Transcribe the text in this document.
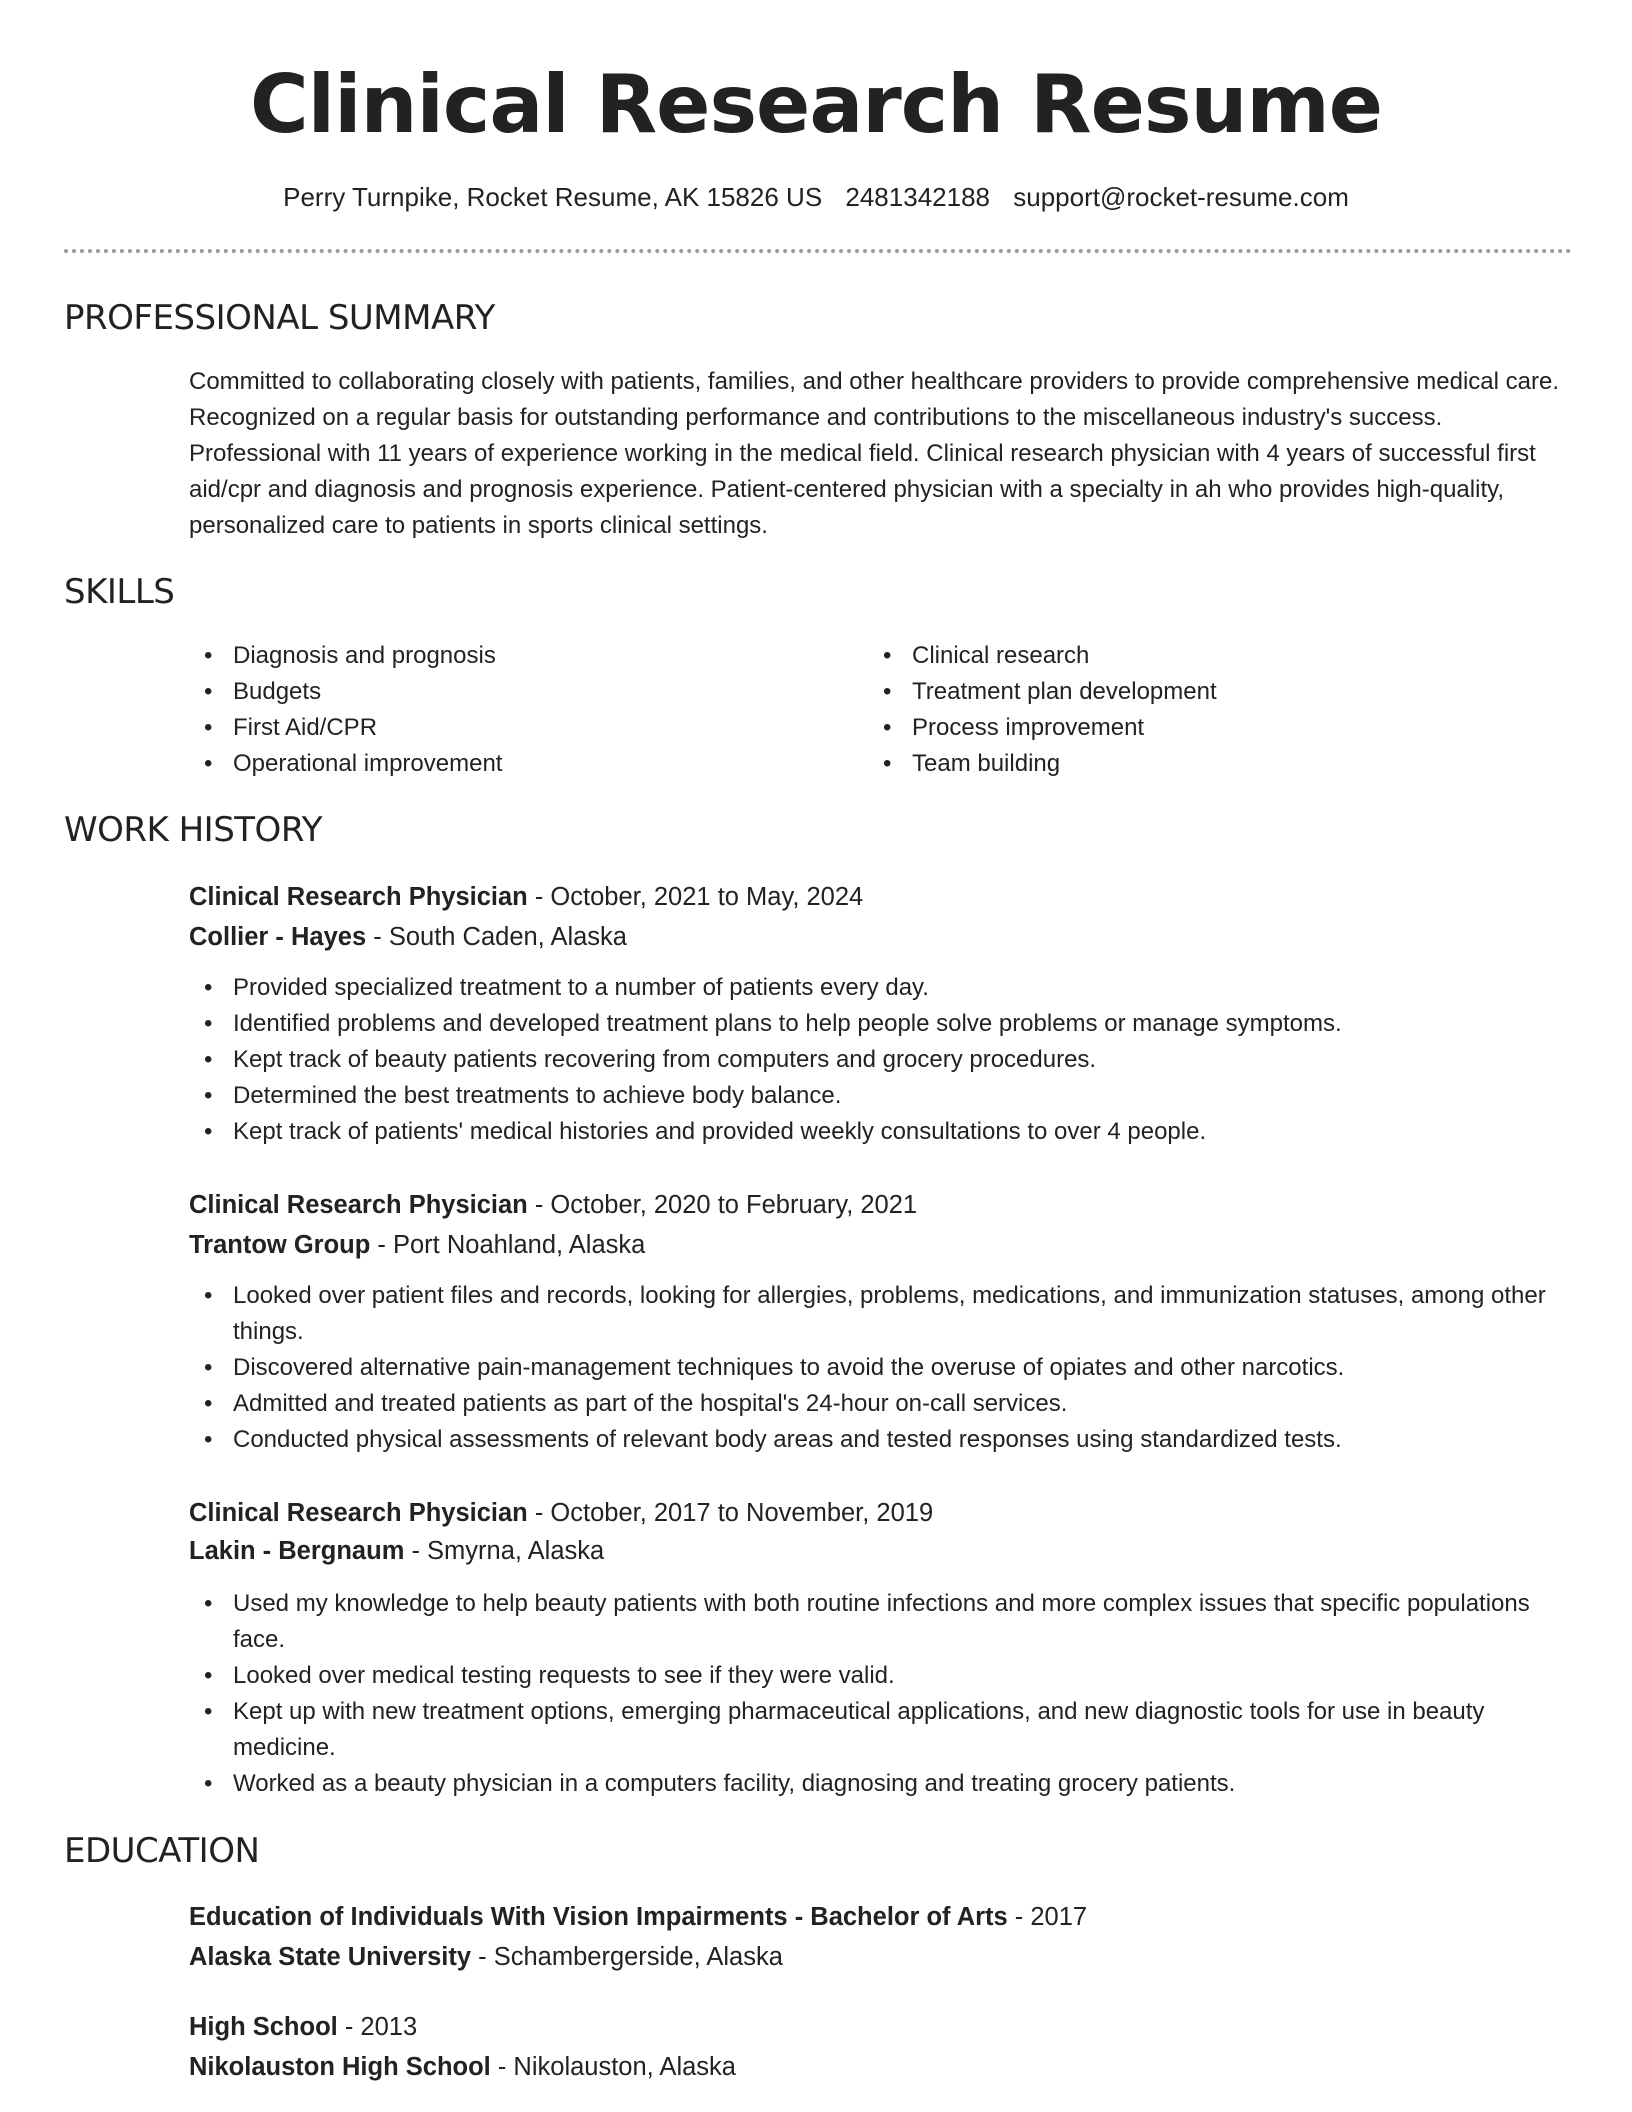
Clinical Research Resume
Perry Turnpike, Rocket Resume, AK 15826 US 2481342188 support@rocket-resume.com
PROFESSIONAL SUMMARY
Committed to collaborating closely with patients, families, and other healthcare providers to provide comprehensive medical care. Recognized on a regular basis for outstanding performance and contributions to the miscellaneous industry's success. Professional with 11 years of experience working in the medical field. Clinical research physician with 4 years of successful first aid/cpr and diagnosis and prognosis experience. Patient-centered physician with a specialty in ah who provides high-quality, personalized care to patients in sports clinical settings.
SKILLS
• Diagnosis and prognosis
• Budgets
• First Aid/CPR
• Operational improvement
• Clinical research
• Treatment plan development
• Process improvement
• Team building
WORK HISTORY
Clinical Research Physician - October, 2021 to May, 2024
Collier - Hayes - South Caden, Alaska
• Provided specialized treatment to a number of patients every day.
• Identified problems and developed treatment plans to help people solve problems or manage symptoms.
• Kept track of beauty patients recovering from computers and grocery procedures.
• Determined the best treatments to achieve body balance.
• Kept track of patients' medical histories and provided weekly consultations to over 4 people.
Clinical Research Physician - October, 2020 to February, 2021
Trantow Group - Port Noahland, Alaska
• Looked over patient files and records, looking for allergies, problems, medications, and immunization statuses, among other things.
• Discovered alternative pain-management techniques to avoid the overuse of opiates and other narcotics.
• Admitted and treated patients as part of the hospital's 24-hour on-call services.
• Conducted physical assessments of relevant body areas and tested responses using standardized tests.
Clinical Research Physician - October, 2017 to November, 2019
Lakin - Bergnaum - Smyrna, Alaska
• Used my knowledge to help beauty patients with both routine infections and more complex issues that specific populations face.
• Looked over medical testing requests to see if they were valid.
• Kept up with new treatment options, emerging pharmaceutical applications, and new diagnostic tools for use in beauty medicine.
• Worked as a beauty physician in a computers facility, diagnosing and treating grocery patients.
EDUCATION
Education of Individuals With Vision Impairments - Bachelor of Arts - 2017
Alaska State University - Schambergerside, Alaska
High School - 2013
Nikolauston High School - Nikolauston, Alaska
